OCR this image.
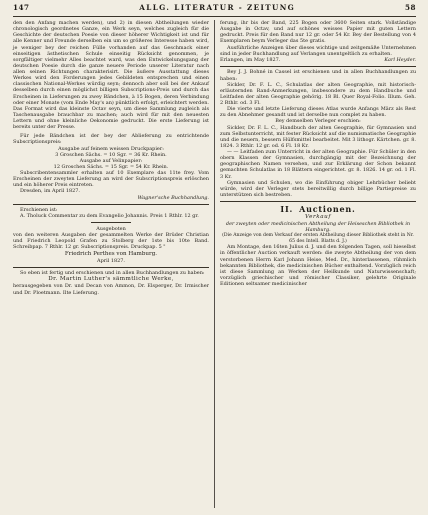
147	ALLG. LITERATUR - ZEITUNG	58

den den Anfang machen werden), und 2) in diesen Abtheilungen wieder chronologisch geordnetes Ganze, ein Werk seyn, welches zugleich für die Geschichte der deutschen Poesie von dieser höherer Wichtigkeit ist und für alle Kenner und Freunde derselben ein um so größeres Interesse haben wird, je weniger bey der reichen Fülle vorhanden auf das Geschmack einer einseitigen ästhetischen Schule einseitig Rücksicht genommen, je sorgfältiger vielmehr Alles beachtet ward, was den Entwickelungsgang der deutschen Poesie durch die ganze neuere Periode unserer Literatur nach allen seinen Richtungen charakterisirt. Die äußere Ausstattung dieses Werkes wird den Forderungen jedes Gebildeten entsprechen und einen classischen National-Werkes würdig seyn; dennoch aber soll bei der Ankauf desselben durch einen möglichst billigen Subscriptions-Preis und durch das Erscheinen in Lieferungen zu zwey Bändchen, à 15 Bogen, deren Verbindung oder einer Monate (vom Ende May's an) pünktlich erfolgt, erleichtert werden. Das Format wird das kleinste Octav seyn, um diese Sammlung zugleich als Taschenausgabe brauchbar zu machen; auch wird für mit den neuesten Lettern und ohne kleinliche Oekonomie gedruckt. Die erste Lieferung ist bereits unter der Presse.

Für jede Bändchen ist der bey der Ablieferung zu entrichtende Subscriptionspreis:

Ausgabe auf feinem weissen Druckpapier:

3 Groschen Sächs. = 10 Sgr. = 36 Kr. Rhein.

Ausgabe auf Velinpapier:

12 Groschen Sächs. = 15 Sgr. = 54 Kr. Rhein.

Subscribentensammler erhalten auf 10 Exemplare das 11te frey. Vom Erscheinen der zweyten Lieferung an wird der Subscriptionspreis erlöschen und ein höherer Preis eintreten.

Dresden, im April 1827.

Wagner'sche Buchhandlung.

Erschienen ist:

A. Tholuck Commentar zu dem Evangelio Johannis. Preis 1 Rthlr. 12 gr.

Ausgeboten

von den weiteren Ausgaben der gesammelten Werke der Brüder Christian und Friedrich Leopold Grafen zu Stolberg der 1ste bis 10te Band. Schreibpap. 7 Rthlr. 12 gr. Subscriptionspreis. Druckpap. 5 "

Friedrich Perthes von Hamburg.

April 1827.

So eben ist fertig und erschienen und in allen Buchhandlungen zu haben:

Dr. Martin Luther's sämmtliche Werke,

herausgegeben von Dr. und Decan von Ammon, Dr. Elsperger, Dr. Irmischer und Dr. Ploetmann. Ilte Lieferung.

ferung, ihr bis der Band, 225 Bogen oder 3600 Seiten stark. Vollständige Ausgabe in Octav, und auf schönes weisses Papier mit guten Lettern gedruckt. Preis für den Band nur 12 gr. oder 54 Kr. Bey der Bestellung von 4 Exemplaren beym Verleger das 5te gratis.

Ausführliche Anzeigen über dieses wichtige und zeitgemäße Unternehmen sind in jeder Buchhandlung auf Verlangen unentgeltlich zu erhalten.

Erlangen, im May 1827.	Karl Heyder.

Bey J. J. Bohné in Cassel ist erschienen und in allen Buchhandlungen zu haben:

Sickler, Dr. F. L. C., Schulatlas der alten Geographie, mit historisch-erläuternden Rand-Anmerkungen, insbesondere zu dem Handbuche und Leitfaden der alten Geographie gehörig. 18 Bl. Quer Royal-Folio. Illum. Geh. 2 Rthlr. od. 3 Fl.

Die vierte und letzte Lieferung dieses Atlas wurde Anfangs März als Rest zu den Abnehmer gesandt und ist derselbe nun complet zu haben.

Bey demselben Verleger erschien:

Sickler, Dr. F. L. C., Handbuch der alten Geographie, für Gymnasien und zum Selbstunterricht, mit fester Rücksicht auf die numismatische Geographie und die neuern, bessern Hülfsmittel bearbeitet. Mit 3 lithogr. Kärtchen. gr. 8. 1824. 3 Rthlr. 12 gr. od. 6 Fl. 18 Kr.

— — Leitfaden zum Unterricht in der alten Geographie. Für Schüler in den obern Klassen der Gymnasien, durchgängig mit der Bezeichnung der geographischen Namen versehen, und zur Erklärung der Schon bekannt gemachten Schulatlas in 18 Blättern eingerichtet. gr. 8. 1826. 14 gr. od. 1 Fl. 3 Kr.

Gymnasien und Schulen, wo die Einführung obiger Lehrbücher beliebt würde, wird der Verleger stets bereitwillig durch billige Partiepreise zu unterstützen sich bestreben.

II. Auctionen.

Verkauf

der zweyten oder medicinischen Abtheilung der Heiseschen Bibliothek in Hamburg.

(Die Anzeige von dem Verkauf der ersten Abtheilung dieser Bibliothek steht in Nr. 65 des Intell. Blatts d. J.)

Am Montage, den 16ten Julius d. J. und den folgenden Tagen, soll hieselbst in öffentlicher Auction verkauft werden: die zweyte Abtheilung der von dem verstorbenen Herrn Karl Johann Heise, Med. Dr., hinterlassenen, rühmlich bekannten Bibliothek, die medicinischen Bücher enthaltend. Vorzüglich reich ist diese Sammlung an Werken der Heilkunde und Naturwissenschaft; vorzüglich griechischer und römischer Classiker, gelehrte Originale Editionen seltsamer medicinischer
